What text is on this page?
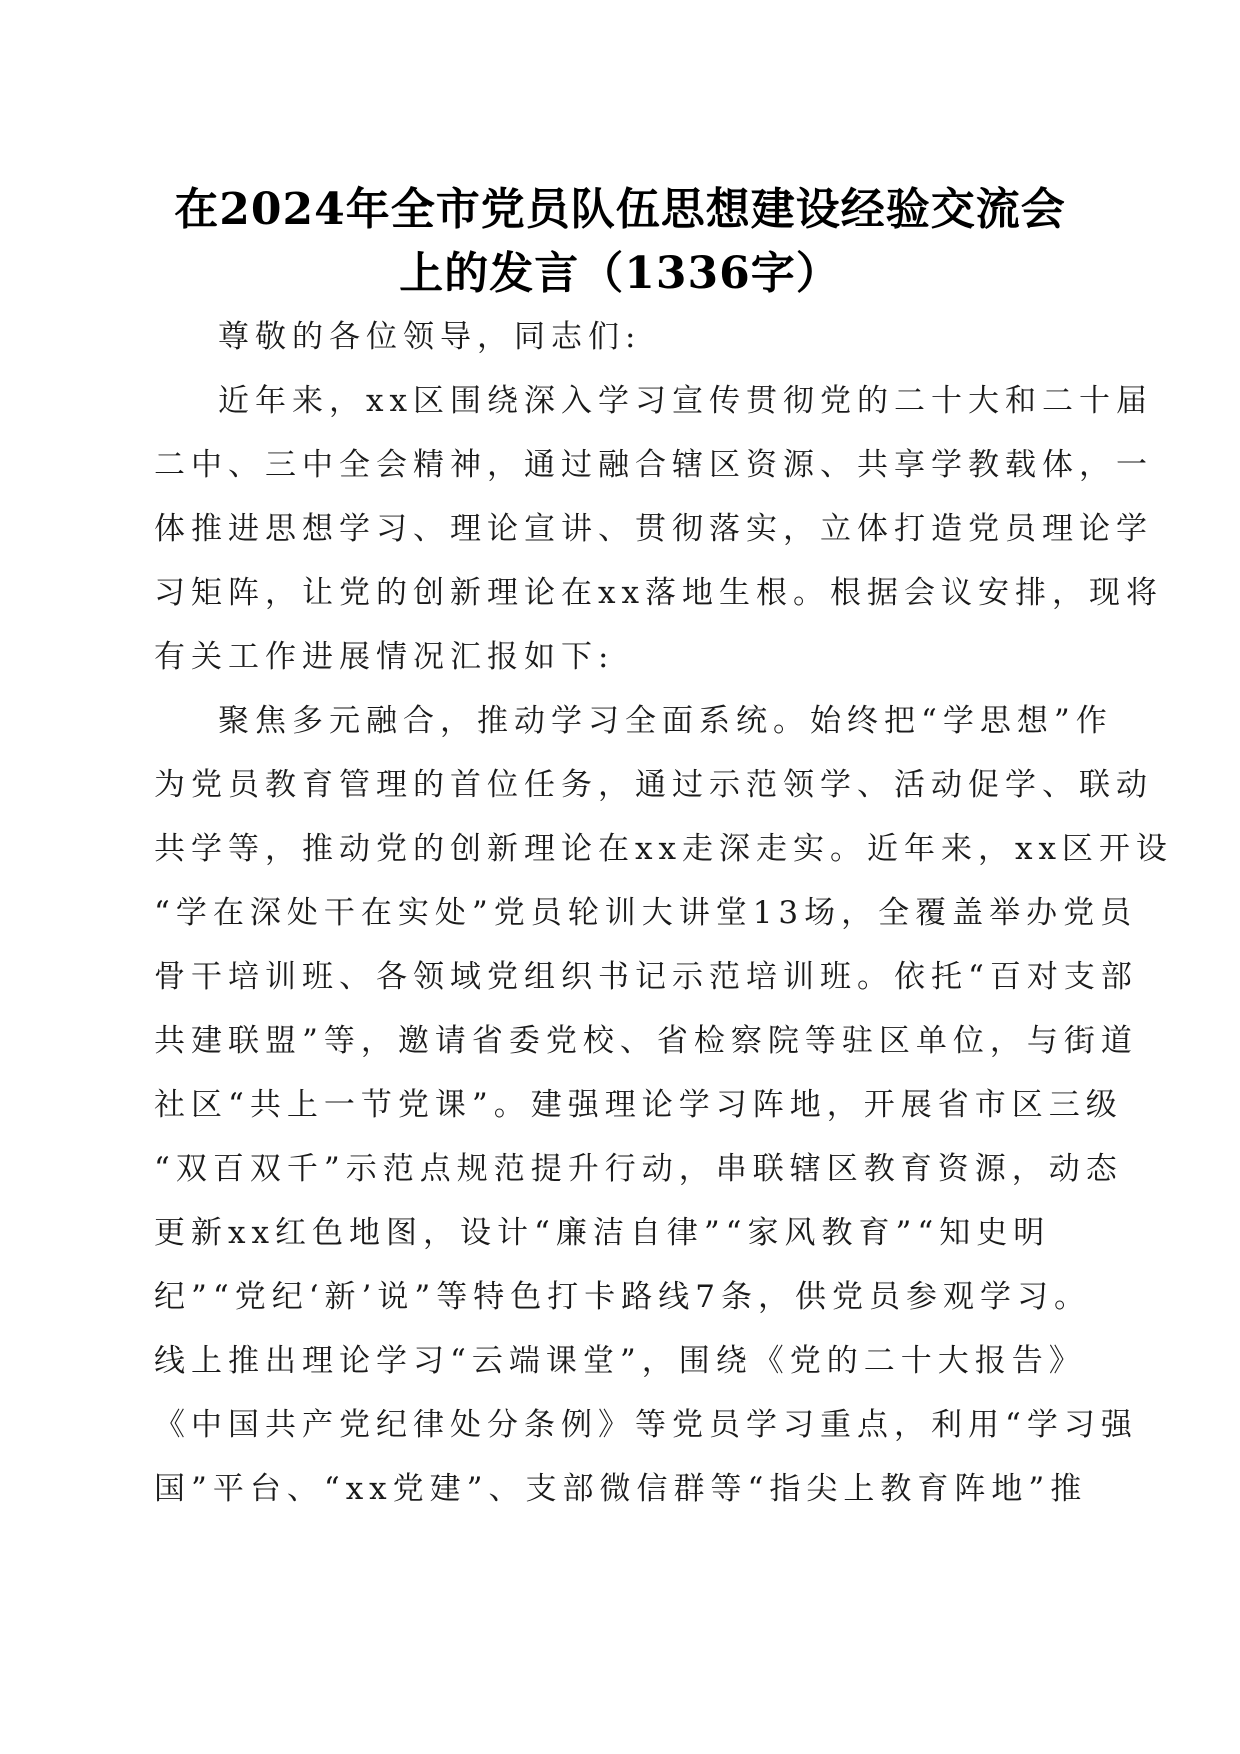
在2024年全市党员队伍思想建设经验交流会
上的发言（1336字）
尊敬的各位领导，同志们:
近年来，xx区围绕深入学习宣传贯彻党的二十大和二十届
二中、三中全会精神，通过融合辖区资源、共享学教载体，一
体推进思想学习、理论宣讲、贯彻落实，立体打造党员理论学
习矩阵，让党的创新理论在xx落地生根。根据会议安排，现将
有关工作进展情况汇报如下:
聚焦多元融合，推动学习全面系统。始终把“学思想”作
为党员教育管理的首位任务，通过示范领学、活动促学、联动
共学等，推动党的创新理论在xx走深走实。近年来，xx区开设
“学在深处干在实处”党员轮训大讲堂13场，全覆盖举办党员
骨干培训班、各领域党组织书记示范培训班。依托“百对支部
共建联盟”等，邀请省委党校、省检察院等驻区单位，与街道
社区“共上一节党课”。建强理论学习阵地，开展省市区三级
“双百双千”示范点规范提升行动，串联辖区教育资源，动态
更新xx红色地图，设计“廉洁自律”“家风教育”“知史明
纪”“党纪‘新’说”等特色打卡路线7条，供党员参观学习。
线上推出理论学习“云端课堂”，围绕《党的二十大报告》
《中国共产党纪律处分条例》等党员学习重点，利用“学习强
国”平台、“xx党建”、支部微信群等“指尖上教育阵地”推
